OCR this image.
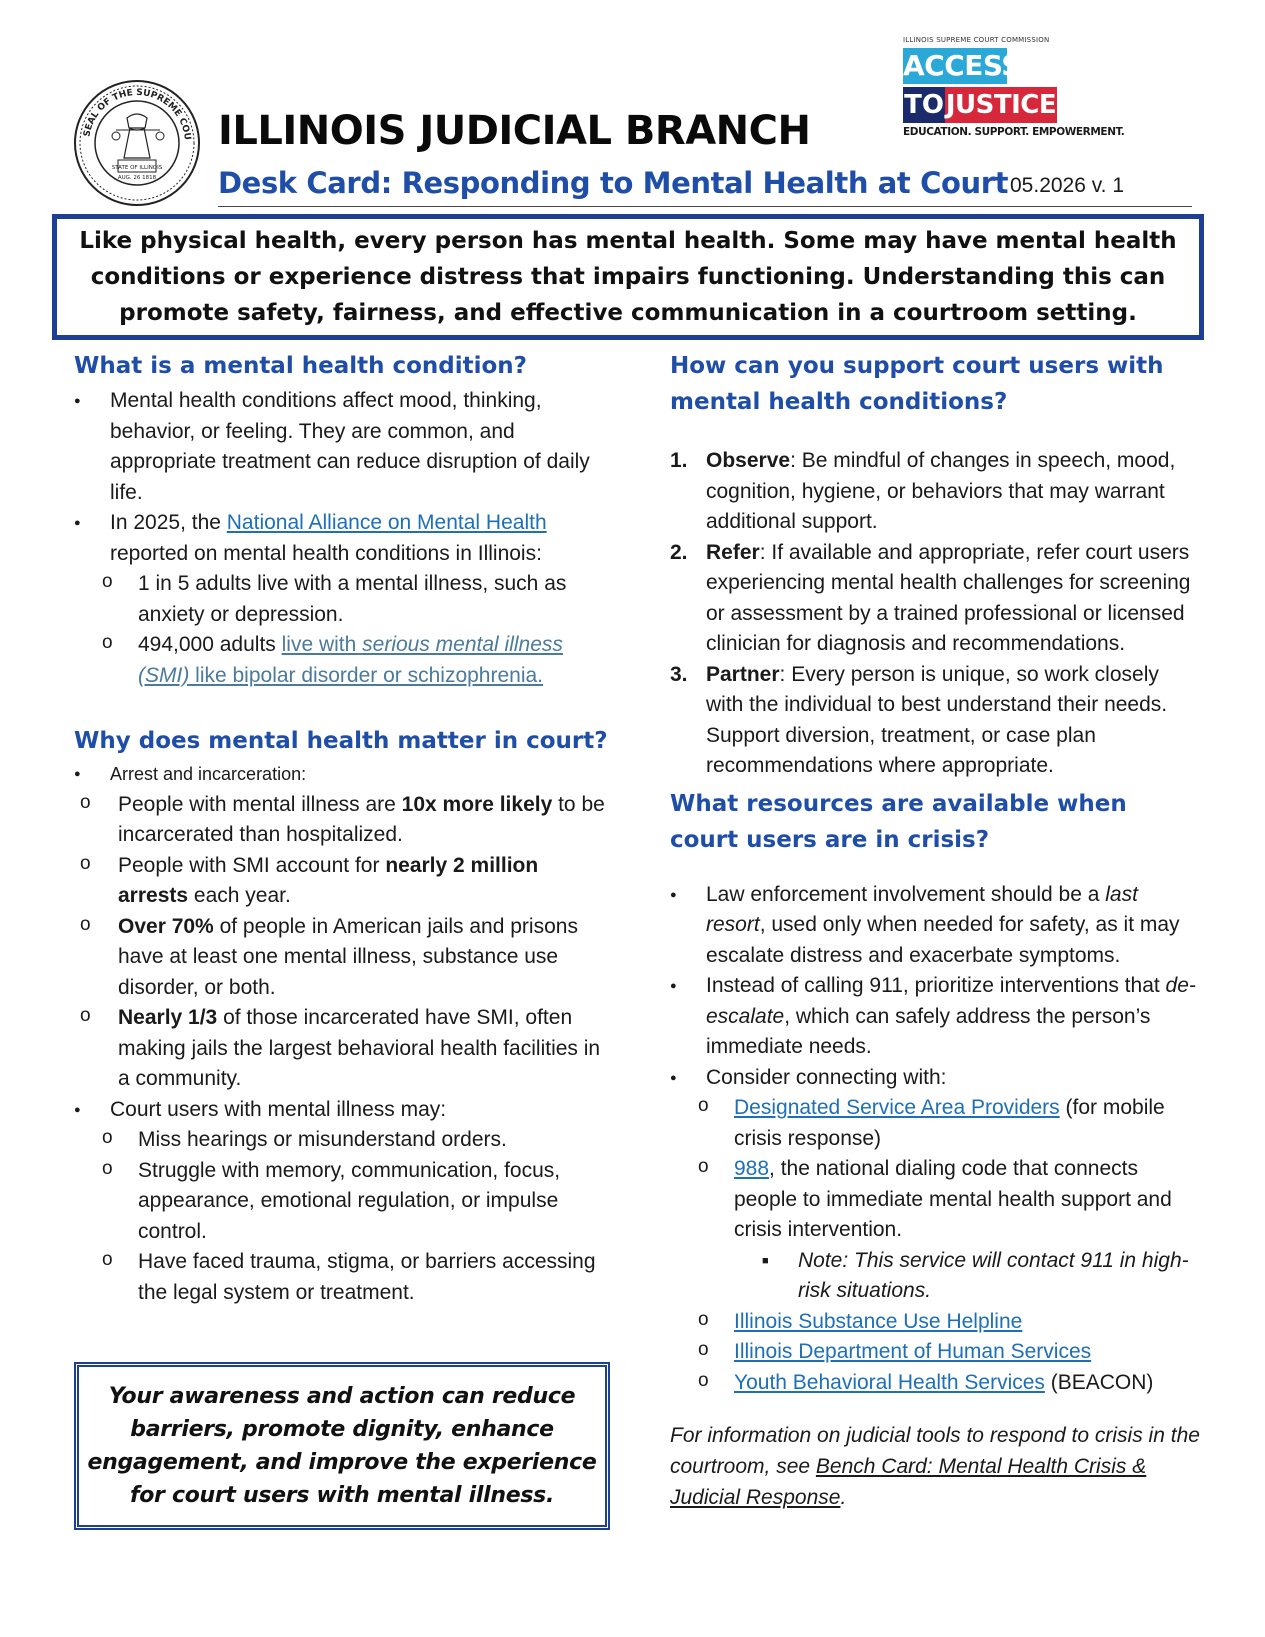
SEAL OF THE SUPREME COU
STATE OF ILLINOIS
AUG. 26 1818
ILLINOIS SUPREME COURT COMMISSION
ACCESS
TO JUSTICE
EDUCATION. SUPPORT. EMPOWERMENT.
ILLINOIS JUDICIAL BRANCH
Desk Card: Responding to Mental Health at Court 05.2026 v. 1

Like physical health, every person has mental health. Some may have mental health conditions or experience distress that impairs functioning. Understanding this can promote safety, fairness, and effective communication in a courtroom setting.

What is a mental health condition?
● Mental health conditions affect mood, thinking, behavior, or feeling. They are common, and appropriate treatment can reduce disruption of daily life.
● In 2025, the National Alliance on Mental Health reported on mental health conditions in Illinois:
o 1 in 5 adults live with a mental illness, such as anxiety or depression.
o 494,000 adults live with serious mental illness (SMI) like bipolar disorder or schizophrenia.
Why does mental health matter in court?
● Arrest and incarceration:
o People with mental illness are 10x more likely to be incarcerated than hospitalized.
o People with SMI account for nearly 2 million arrests each year.
o Over 70% of people in American jails and prisons have at least one mental illness, substance use disorder, or both.
o Nearly 1/3 of those incarcerated have SMI, often making jails the largest behavioral health facilities in a community.
● Court users with mental illness may:
o Miss hearings or misunderstand orders.
o Struggle with memory, communication, focus, appearance, emotional regulation, or impulse control.
o Have faced trauma, stigma, or barriers accessing the legal system or treatment.

Your awareness and action can reduce barriers, promote dignity, enhance engagement, and improve the experience for court users with mental illness.

How can you support court users with mental health conditions?
1. Observe: Be mindful of changes in speech, mood, cognition, hygiene, or behaviors that may warrant additional support.
2. Refer: If available and appropriate, refer court users experiencing mental health challenges for screening or assessment by a trained professional or licensed clinician for diagnosis and recommendations.
3. Partner: Every person is unique, so work closely with the individual to best understand their needs. Support diversion, treatment, or case plan recommendations where appropriate.
What resources are available when court users are in crisis?
● Law enforcement involvement should be a last resort, used only when needed for safety, as it may escalate distress and exacerbate symptoms.
● Instead of calling 911, prioritize interventions that de-escalate, which can safely address the person’s immediate needs.
● Consider connecting with:
o Designated Service Area Providers (for mobile crisis response)
o 988, the national dialing code that connects people to immediate mental health support and crisis intervention.
■ Note: This service will contact 911 in high-risk situations.
o Illinois Substance Use Helpline
o Illinois Department of Human Services
o Youth Behavioral Health Services (BEACON)

For information on judicial tools to respond to crisis in the courtroom, see Bench Card: Mental Health Crisis & Judicial Response.
